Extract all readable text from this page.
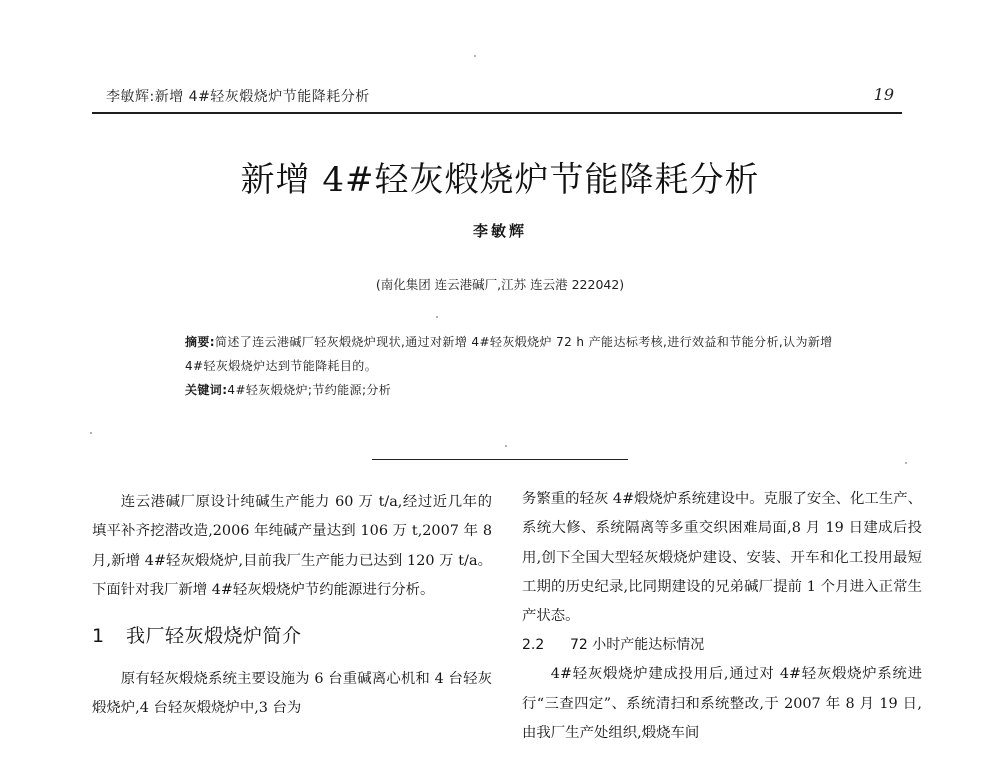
李敏辉:新增 4#轻灰煅烧炉节能降耗分析	19
新增 4#轻灰煅烧炉节能降耗分析
李敏辉
(南化集团 连云港碱厂,江苏 连云港 222042)

摘要:简述了连云港碱厂轻灰煅烧炉现状,通过对新增 4#轻灰煅烧炉 72 h 产能达标考核,进行效益和节能分析,认为新增 4#轻灰煅烧炉达到节能降耗目的。

关键词:4#轻灰煅烧炉;节约能源;分析

连云港碱厂原设计纯碱生产能力 60 万 t/a,经过近几年的填平补齐挖潜改造,2006 年纯碱产量达到 106 万 t,2007 年 8 月,新增 4#轻灰煅烧炉,目前我厂生产能力已达到 120 万 t/a。下面针对我厂新增 4#轻灰煅烧炉节约能源进行分析。

1 我厂轻灰煅烧炉简介

原有轻灰煅烧系统主要设施为 6 台重碱离心机和 4 台轻灰煅烧炉,4 台轻灰煅烧炉中,3 台为

务繁重的轻灰 4#煅烧炉系统建设中。克服了安全、化工生产、系统大修、系统隔离等多重交织困难局面,8 月 19 日建成后投用,创下全国大型轻灰煅烧炉建设、安装、开车和化工投用最短工期的历史纪录,比同期建设的兄弟碱厂提前 1 个月进入正常生产状态。

2.2 72 小时产能达标情况

4#轻灰煅烧炉建成投用后,通过对 4#轻灰煅烧炉系统进行“三查四定”、系统清扫和系统整改,于 2007 年 8 月 19 日,由我厂生产处组织,煅烧车间
